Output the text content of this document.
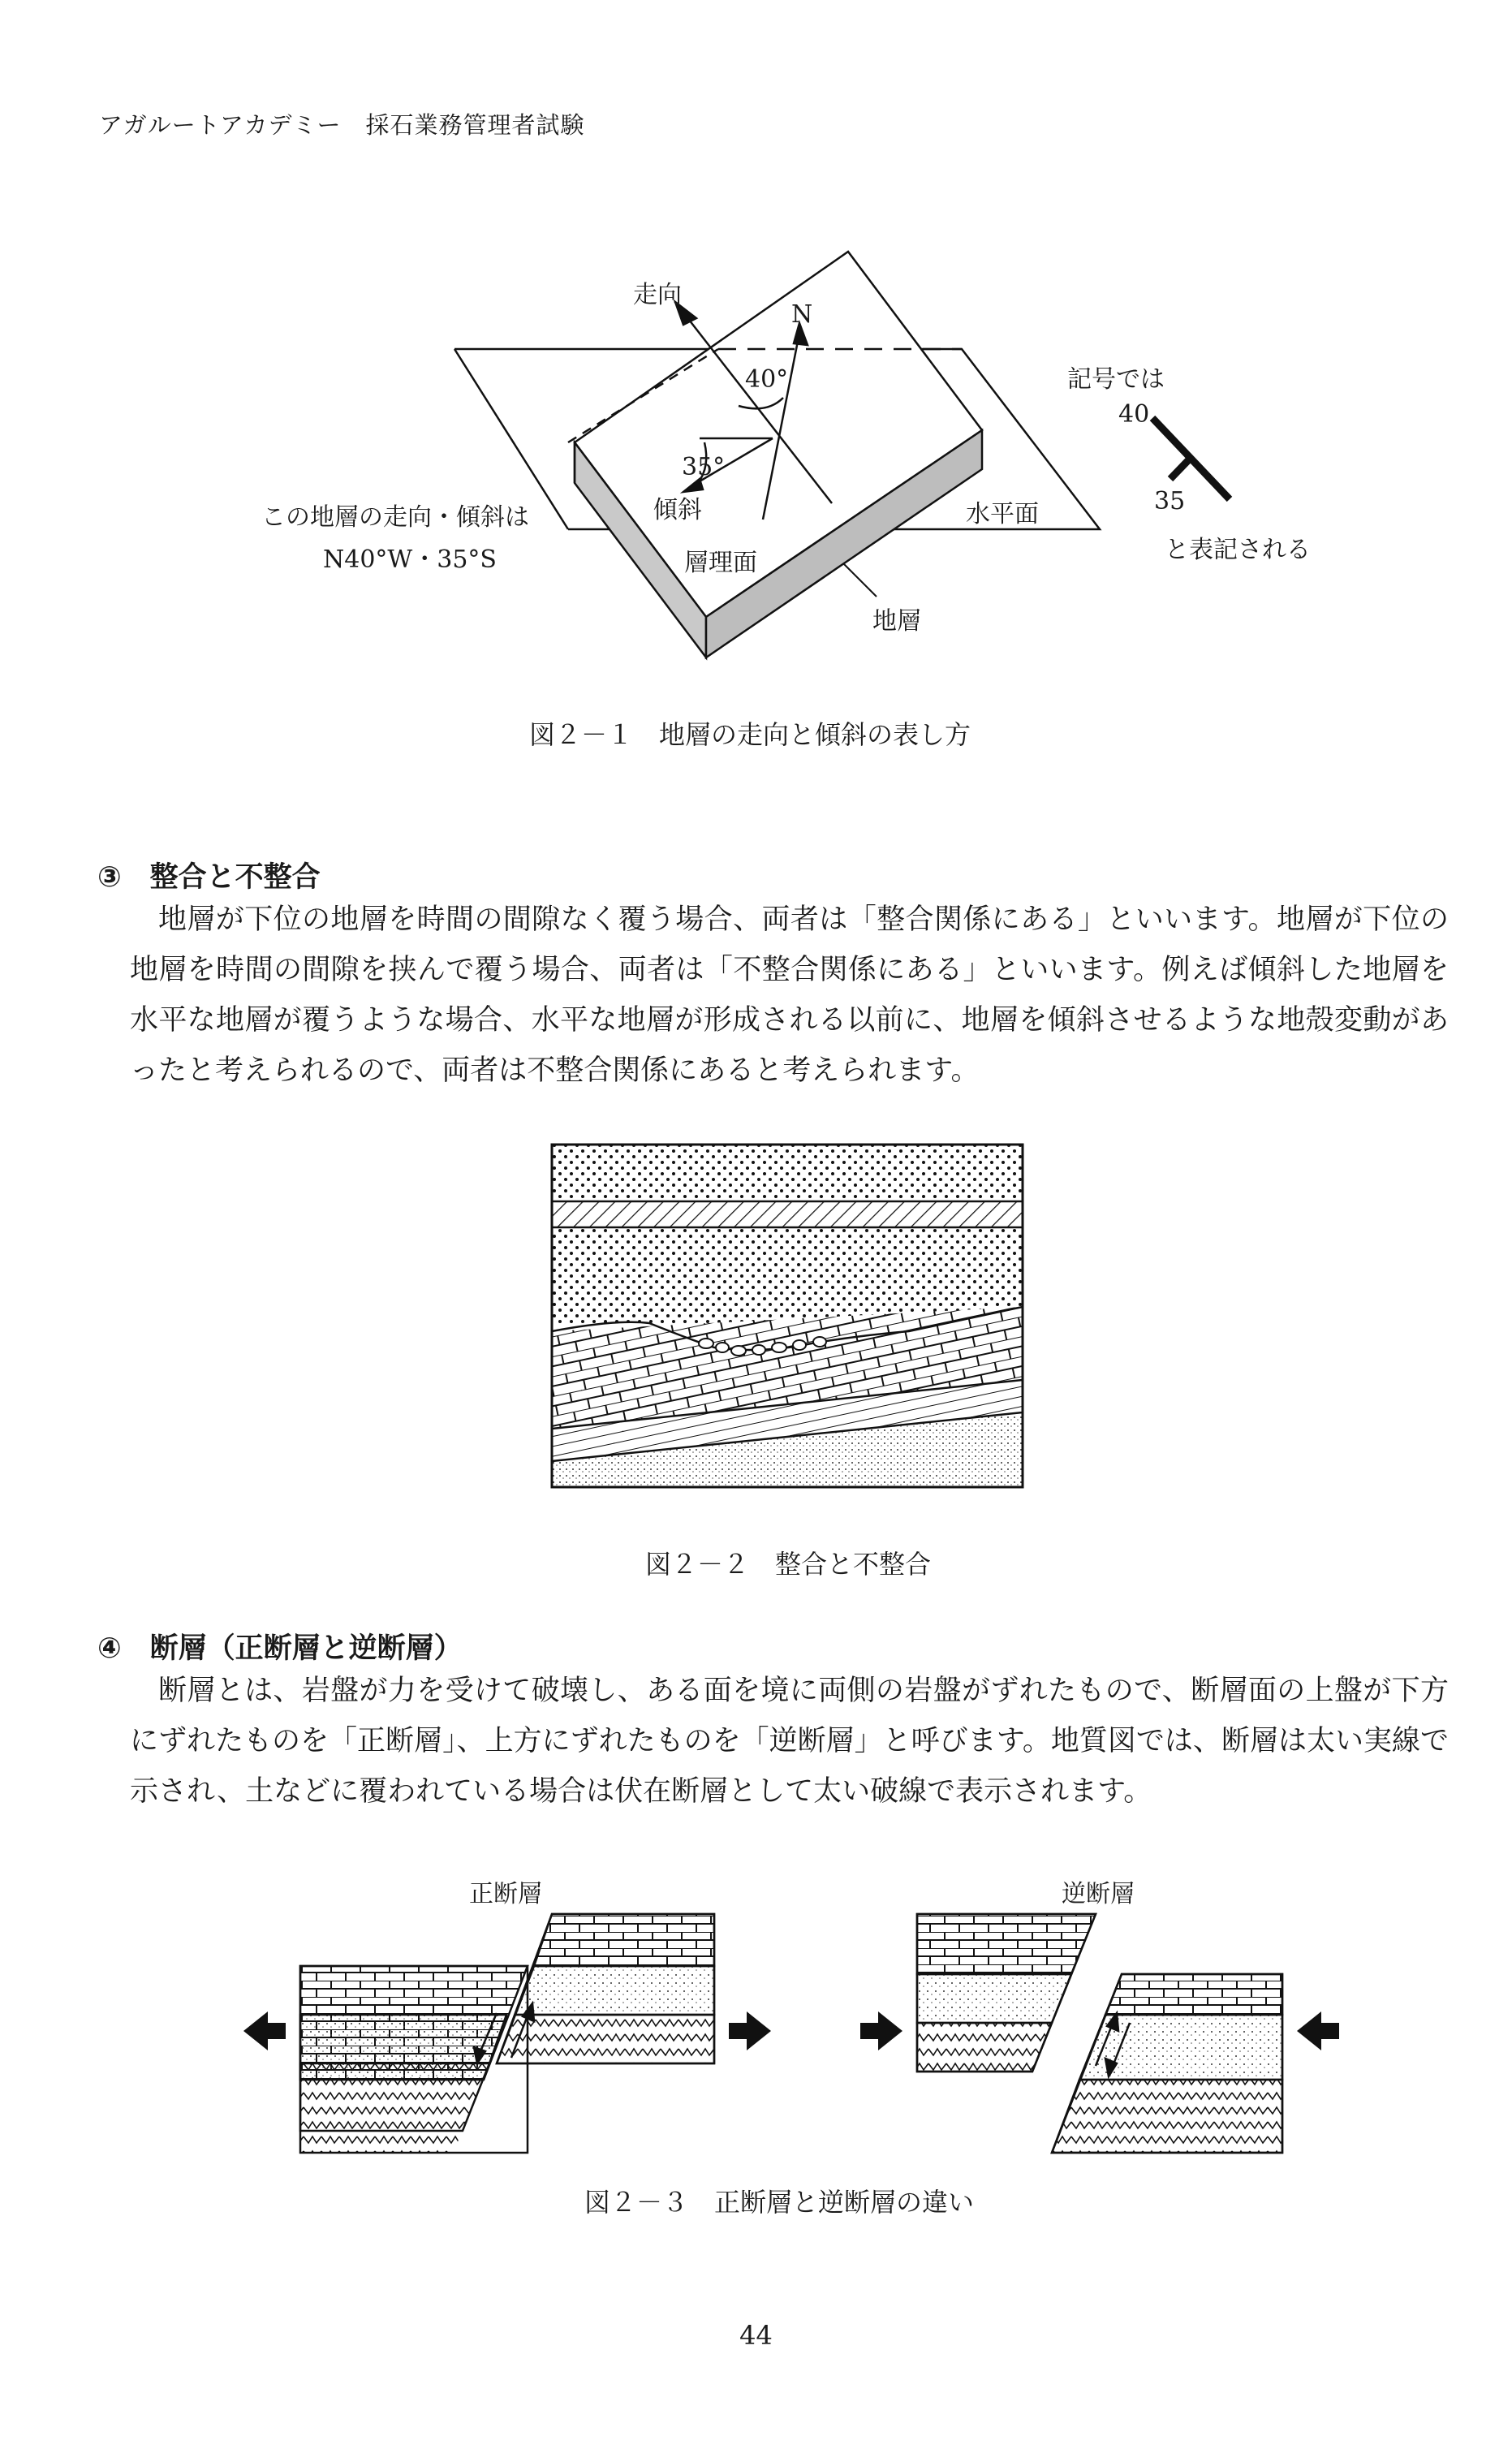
アガルートアカデミー　採石業務管理者試験
走向
N
40°
35°
傾斜	水平面
層理面
地層
この地層の走向・傾斜は
N40°W・35°S
記号では
40
35
と表記される
図２－１　地層の走向と傾斜の表し方
③　整合と不整合
地層が下位の地層を時間の間隙なく覆う場合、両者は「整合関係にある」といいます。地層が下位の地層を時間の間隙を挟んで覆う場合、両者は「不整合関係にある」といいます。例えば傾斜した地層を水平な地層が覆うような場合、水平な地層が形成される以前に、地層を傾斜させるような地殻変動があったと考えられるので、両者は不整合関係にあると考えられます。
図２－２　整合と不整合
④　断層（正断層と逆断層）
断層とは、岩盤が力を受けて破壊し、ある面を境に両側の岩盤がずれたもので、断層面の上盤が下方にずれたものを「正断層」、上方にずれたものを「逆断層」と呼びます。地質図では、断層は太い実線で示され、土などに覆われている場合は伏在断層として太い破線で表示されます。
正断層	逆断層
図２－３　正断層と逆断層の違い
44
